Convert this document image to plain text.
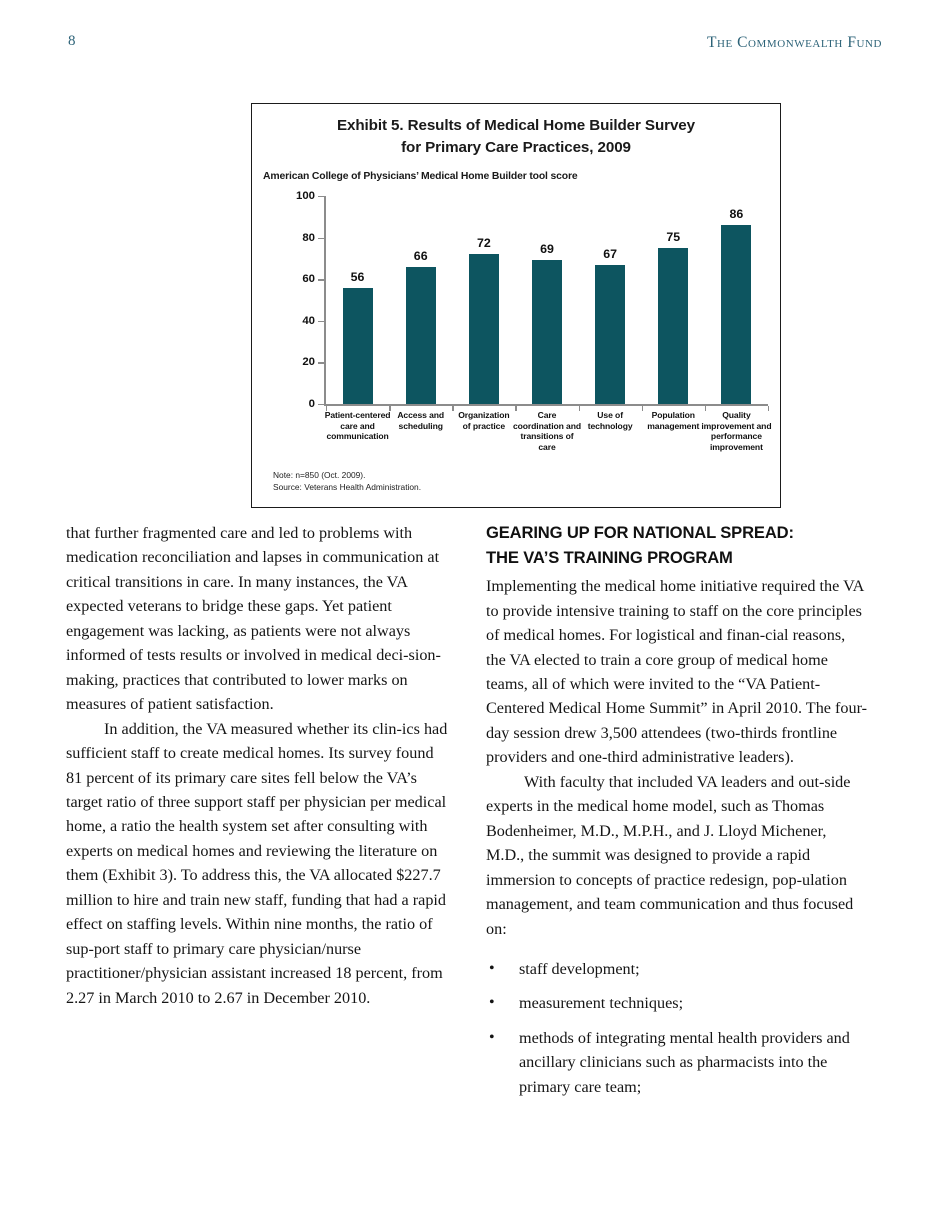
8	The Commonwealth Fund

Exhibit 5. Results of Medical Home Builder Survey

for Primary Care Practices, 2009

American College of Physicians’ Medical Home Builder tool score
0
20
40
60
80
100
56
66
72	69	67
75
86
Patient-centered
care and
communication
Access and
scheduling
Organization
of practice
Care
coordination and
transitions of
care
Use of
technology
Population
management
Quality
improvement and
performance
improvement
Note: n=850 (Oct. 2009).
Source: Veterans Health Administration.

that further fragmented care and led to problems with medication reconciliation and lapses in communication at critical transitions in care. In many instances, the VA expected veterans to bridge these gaps. Yet patient engagement was lacking, as patients were not always informed of tests results or involved in medical deci-sion-making, practices that contributed to lower marks on measures of patient satisfaction.

In addition, the VA measured whether its clin-ics had sufficient staff to create medical homes. Its survey found 81 percent of its primary care sites fell below the VA’s target ratio of three support staff per physician per medical home, a ratio the health system set after consulting with experts on medical homes and reviewing the literature on them (Exhibit 3). To address this, the VA allocated $227.7 million to hire and train new staff, funding that had a rapid effect on staffing levels. Within nine months, the ratio of sup-port staff to primary care physician/nurse practitioner/physician assistant increased 18 percent, from 2.27 in March 2010 to 2.67 in December 2010.

GEARING UP FOR NATIONAL SPREAD:
THE VA’S TRAINING PROGRAM

Implementing the medical home initiative required the VA to provide intensive training to staff on the core principles of medical homes. For logistical and finan-cial reasons, the VA elected to train a core group of medical home teams, all of which were invited to the “VA Patient-Centered Medical Home Summit” in April 2010. The four-day session drew 3,500 attendees (two-thirds frontline providers and one-third administrative leaders).

With faculty that included VA leaders and out-side experts in the medical home model, such as Thomas Bodenheimer, M.D., M.P.H., and J. Lloyd Michener, M.D., the summit was designed to provide a rapid immersion to concepts of practice redesign, pop-ulation management, and team communication and thus focused on:

• staff development;
• measurement techniques;
• methods of integrating mental health providers and ancillary clinicians such as pharmacists into the primary care team;
